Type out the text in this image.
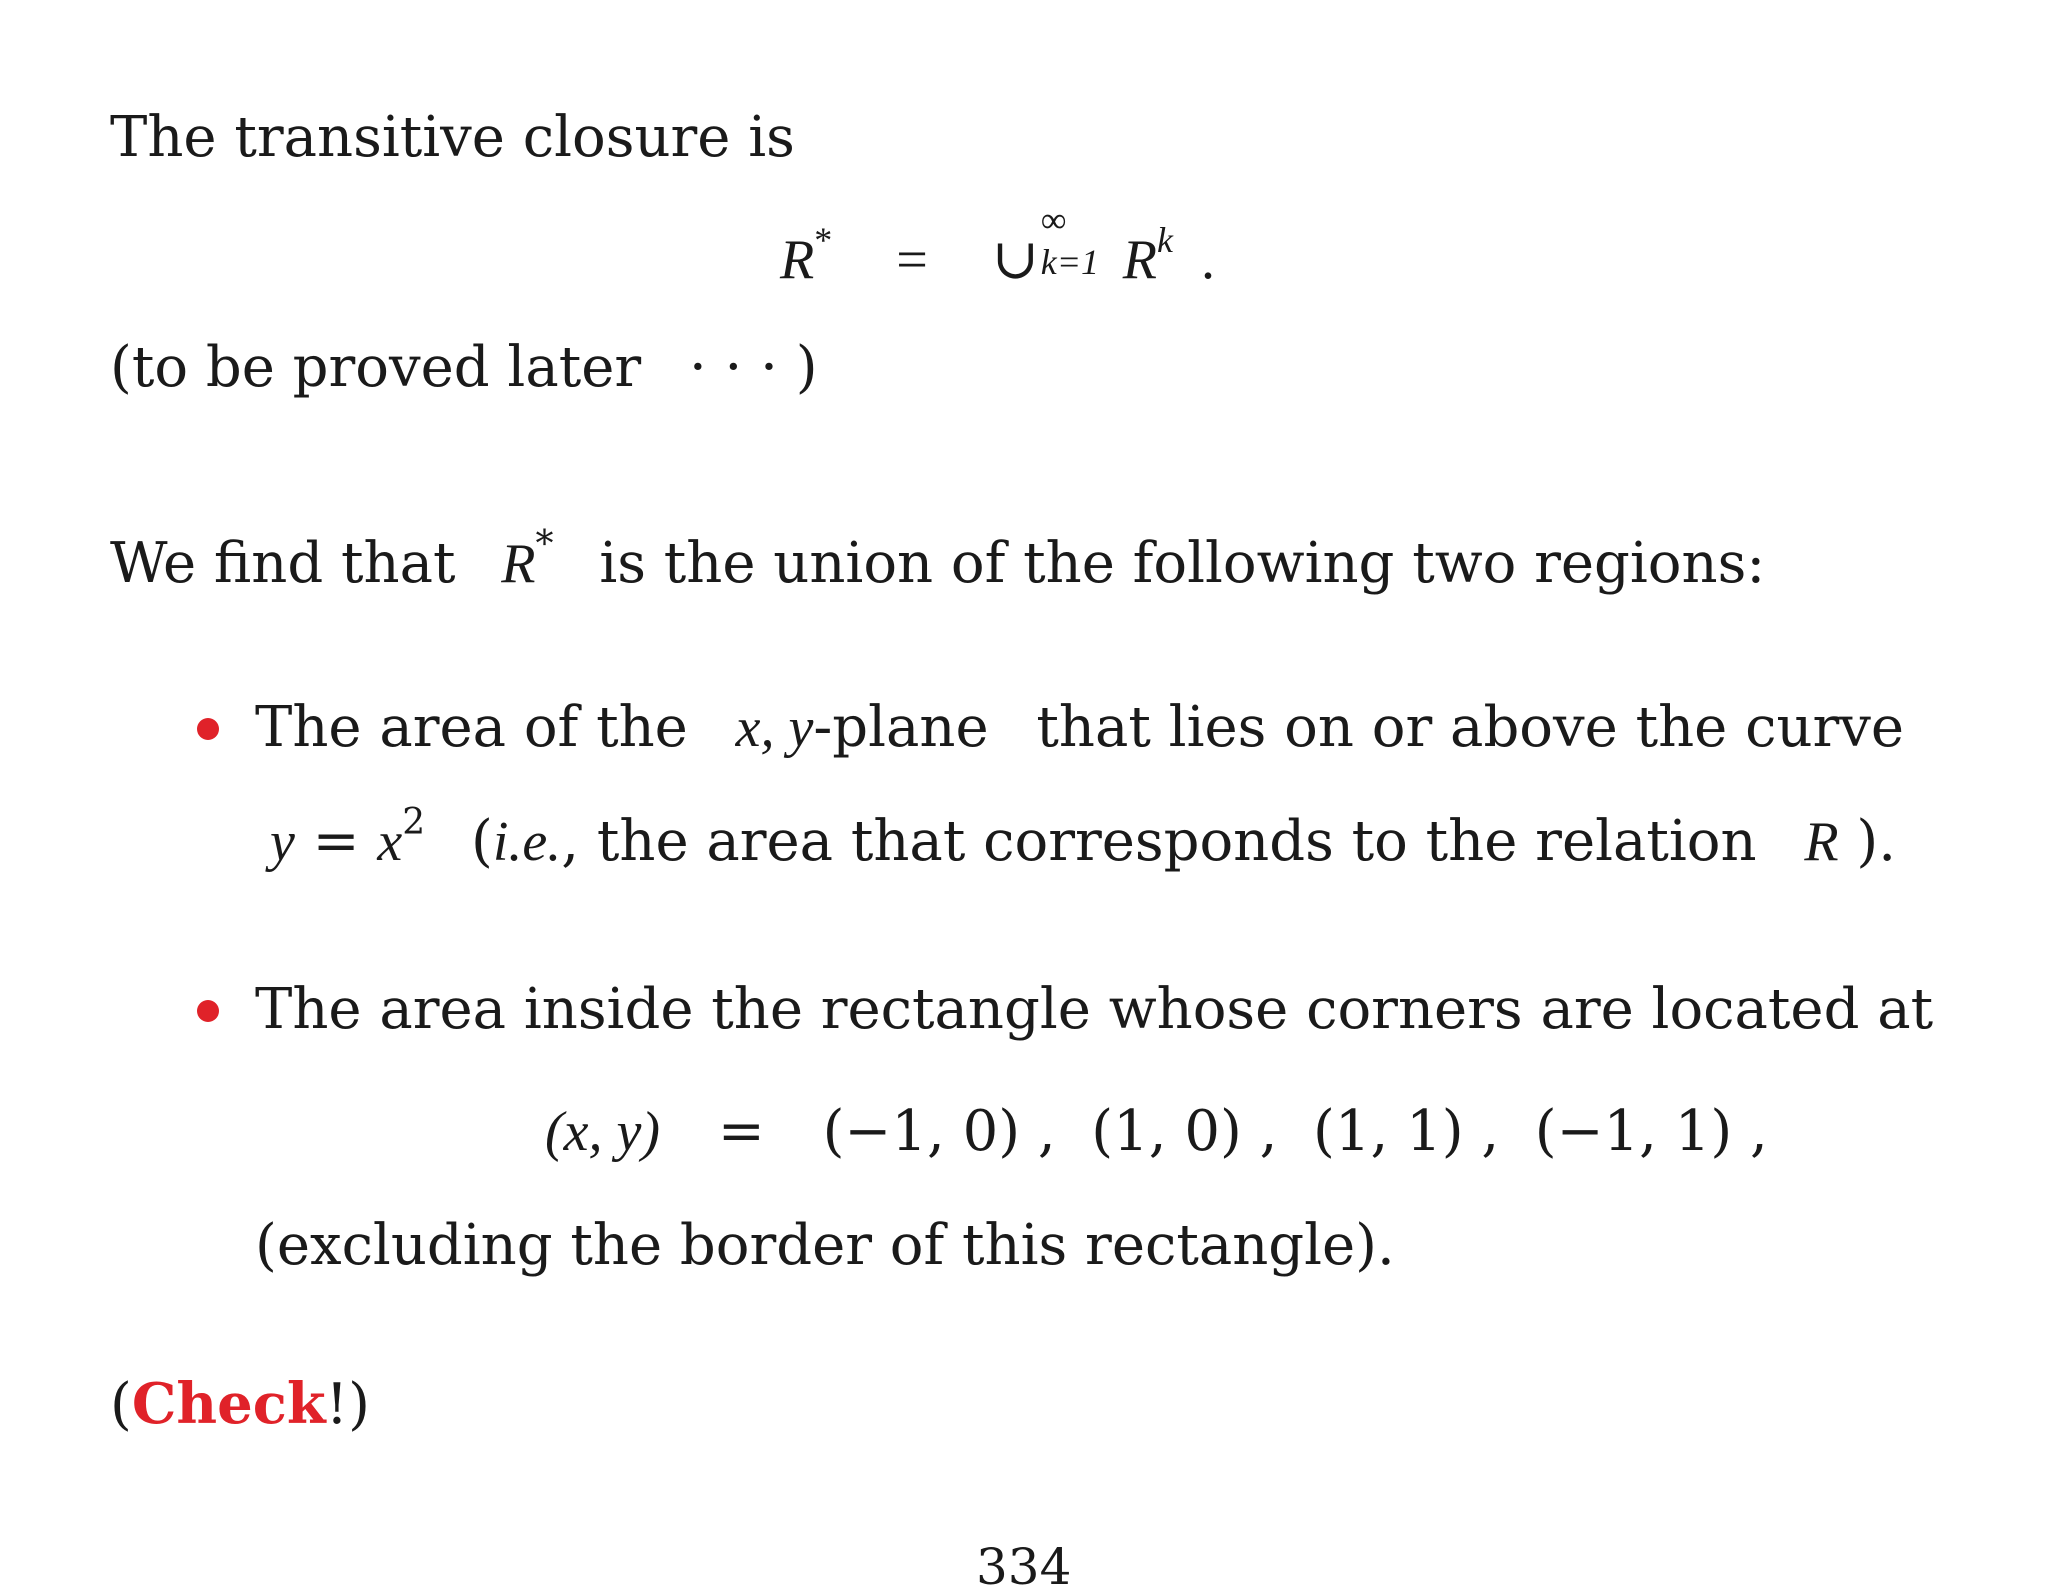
The transitive closure is
R* = ∪
∞
k=1 $R^k$ .
(to be proved later · · · )
We find that R* is the union of the following two regions:
The area of the x, y-plane that lies on or above the curve
$y = x^2$ (i.e., the area that corresponds to the relation R ).
The area inside the rectangle whose corners are located at
(x, y) = (−1, 0) ,  (1, 0) ,  (1, 1) ,  (−1, 1) ,
(excluding the border of this rectangle).
(Check!)
334
